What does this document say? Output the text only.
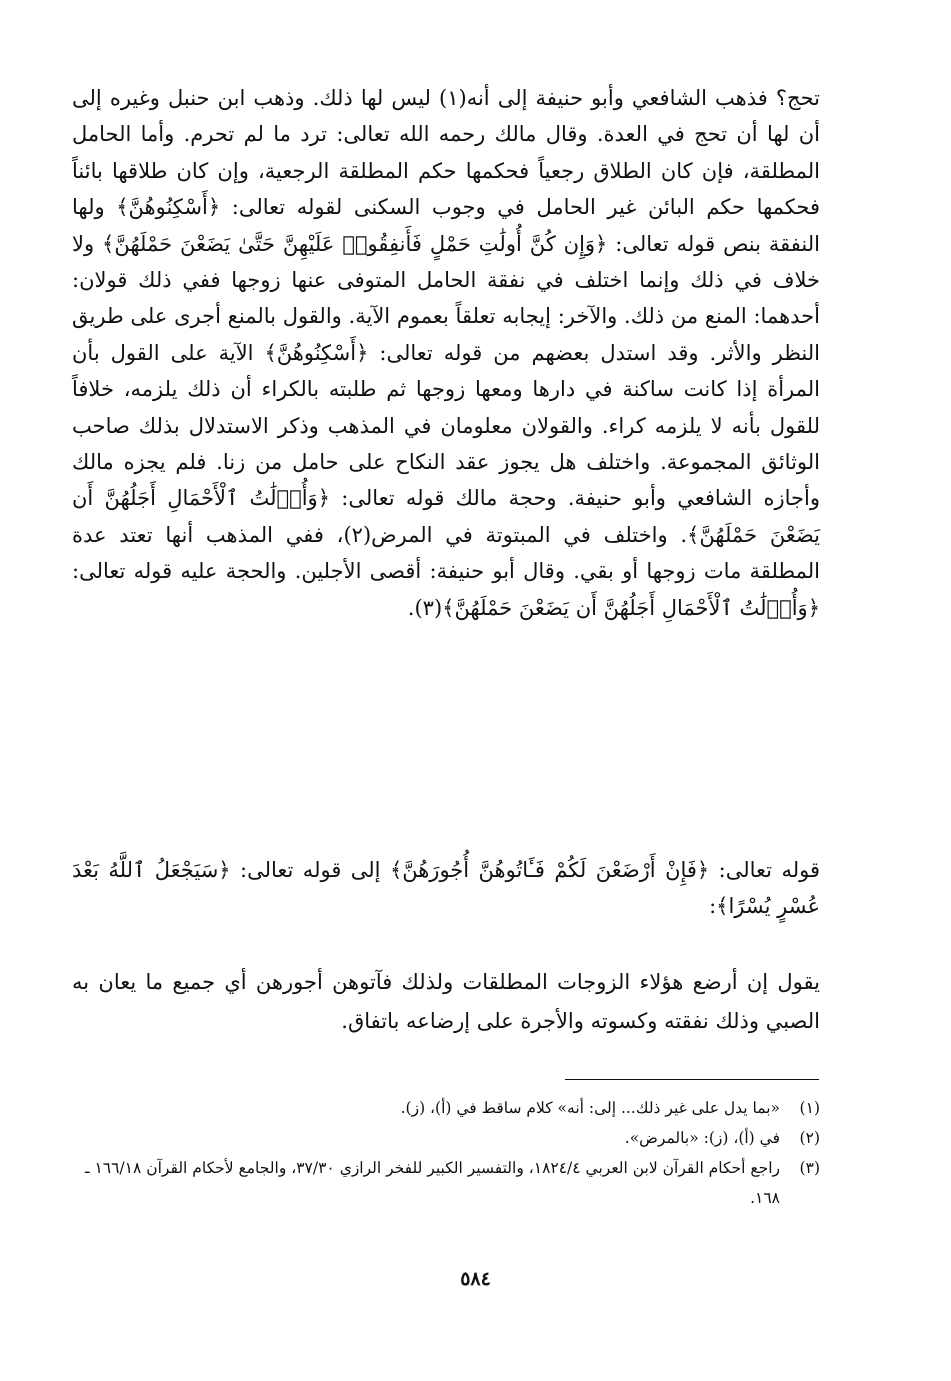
تحج؟ فذهب الشافعي وأبو حنيفة إلى أنه(١) ليس لها ذلك. وذهب ابن حنبل وغيره إلى أن لها أن تحج في العدة. وقال مالك رحمه الله تعالى: ترد ما لم تحرم. وأما الحامل المطلقة، فإن كان الطلاق رجعياً فحكمها حكم المطلقة الرجعية، وإن كان طلاقها بائناً فحكمها حكم البائن غير الحامل في وجوب السكنى لقوله تعالى: ﴿أَسْكِنُوهُنَّ﴾ ولها النفقة بنص قوله تعالى: ﴿وَإِن كُنَّ أُولَٰتِ حَمْلٍ فَأَنفِقُوا۟ عَلَيْهِنَّ حَتَّىٰ يَضَعْنَ حَمْلَهُنَّ﴾ ولا خلاف في ذلك وإنما اختلف في نفقة الحامل المتوفى عنها زوجها ففي ذلك قولان: أحدهما: المنع من ذلك. والآخر: إيجابه تعلقاً بعموم الآية. والقول بالمنع أجرى على طريق النظر والأثر. وقد استدل بعضهم من قوله تعالى: ﴿أَسْكِنُوهُنَّ﴾ الآية على القول بأن المرأة إذا كانت ساكنة في دارها ومعها زوجها ثم طلبته بالكراء أن ذلك يلزمه، خلافاً للقول بأنه لا يلزمه كراء. والقولان معلومان في المذهب وذكر الاستدلال بذلك صاحب الوثائق المجموعة. واختلف هل يجوز عقد النكاح على حامل من زنا. فلم يجزه مالك وأجازه الشافعي وأبو حنيفة. وحجة مالك قوله تعالى: ﴿وَأُو۟لَٰتُ ٱلْأَحْمَالِ أَجَلُهُنَّ أَن يَضَعْنَ حَمْلَهُنَّ﴾. واختلف في المبتوتة في المرض(٢)، ففي المذهب أنها تعتد عدة المطلقة مات زوجها أو بقي. وقال أبو حنيفة: أقصى الأجلين. والحجة عليه قوله تعالى: ﴿وَأُو۟لَٰتُ ٱلْأَحْمَالِ أَجَلُهُنَّ أَن يَضَعْنَ حَمْلَهُنَّ﴾(٣).

قوله تعالى: ﴿فَإِنْ أَرْضَعْنَ لَكُمْ فَـَٔاتُوهُنَّ أُجُورَهُنَّ﴾ إلى قوله تعالى: ﴿سَيَجْعَلُ ٱللَّهُ بَعْدَ عُسْرٍ يُسْرًا﴾:

يقول إن أرضع هؤلاء الزوجات المطلقات ولذلك فآتوهن أجورهن أي جميع ما يعان به الصبي وذلك نفقته وكسوته والأجرة على إرضاعه باتفاق.

(١)
«بما يدل على غير ذلك... إلى: أنه» كلام ساقط في (أ)، (ز).
(٢)
في (أ)، (ز): «بالمرض».
(٣)
راجع أحكام القرآن لابن العربي ١٨٢٤/٤، والتفسير الكبير للفخر الرازي ٣٧/٣٠، والجامع لأحكام القرآن ١٦٦/١٨ ـ ١٦٨.
٥٨٤
